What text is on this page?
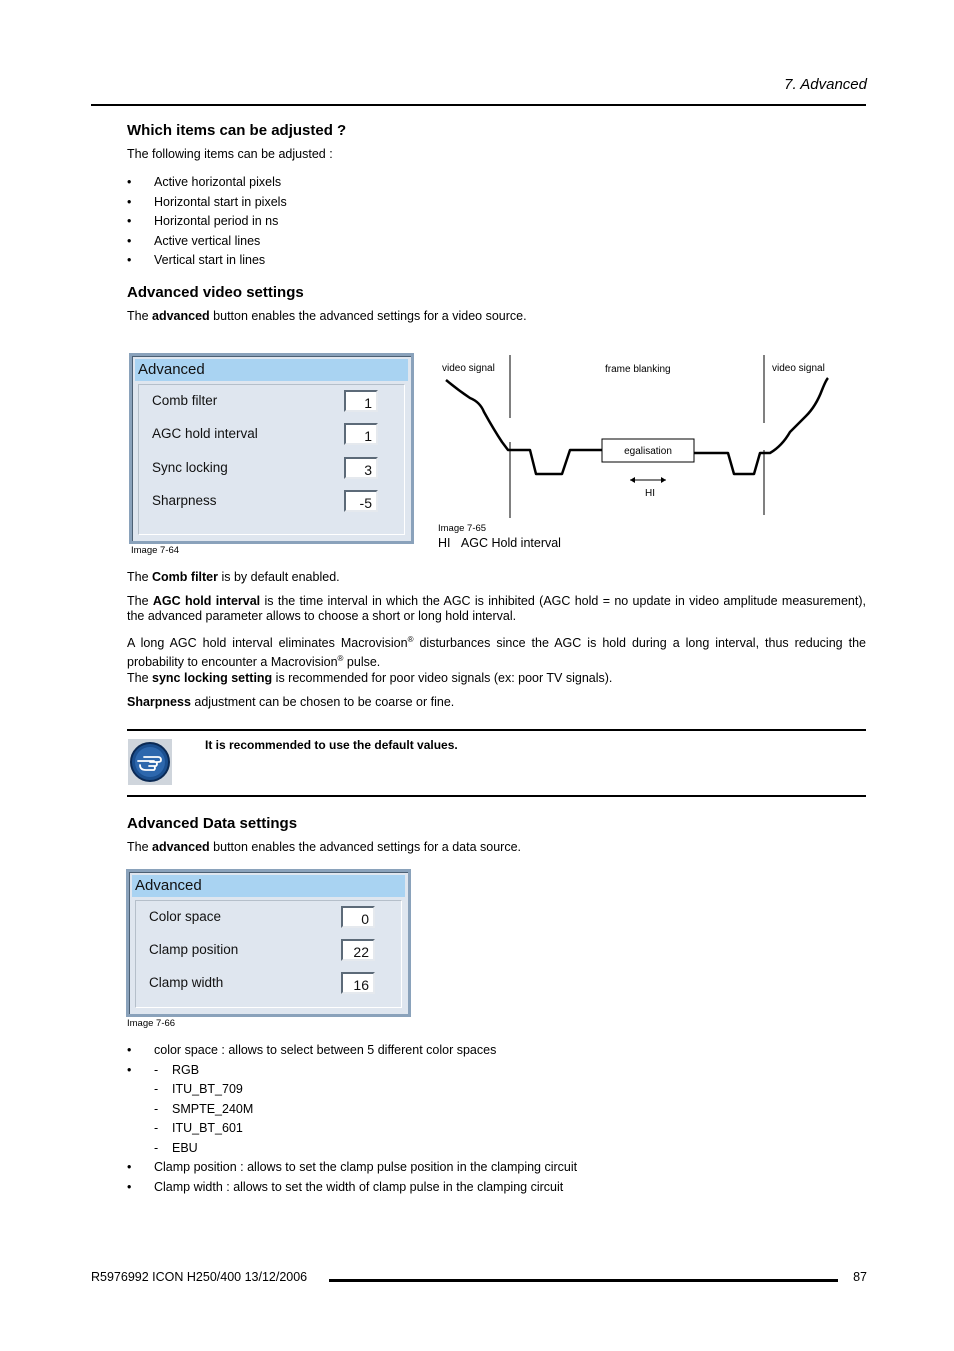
7. Advanced
Which items can be adjusted ?
The following items can be adjusted :
• Active horizontal pixels
• Horizontal start in pixels
• Horizontal period in ns
• Active vertical lines
• Vertical start in lines
Advanced video settings
The advanced button enables the advanced settings for a video source.
Advanced
Comb filter	1
AGC hold interval	1
Sync locking	3
Sharpness	-5
Image 7-64
video signal	frame blanking	video signal
egalisation
HI
Image 7-65
HI AGC Hold interval
The Comb filter is by default enabled.
The AGC hold interval is the time interval in which the AGC is inhibited (AGC hold = no update in video amplitude measurement), the advanced parameter allows to choose a short or long hold interval.
A long AGC hold interval eliminates Macrovision® disturbances since the AGC is hold during a long interval, thus reducing the probability to encounter a Macrovision® pulse.
The sync locking setting is recommended for poor video signals (ex: poor TV signals).
Sharpness adjustment can be chosen to be coarse or fine.
It is recommended to use the default values.
Advanced Data settings
The advanced button enables the advanced settings for a data source.
Advanced
Color space	0
Clamp position	22
Clamp width	16
Image 7-66
• color space : allows to select between 5 different color spaces
- • RGB
- ITU_BT_709
- SMPTE_240M
- ITU_BT_601
- EBU
• Clamp position : allows to set the clamp pulse position in the clamping circuit
• Clamp width : allows to set the width of clamp pulse in the clamping circuit
R5976992 ICON H250/400 13/12/2006	87
